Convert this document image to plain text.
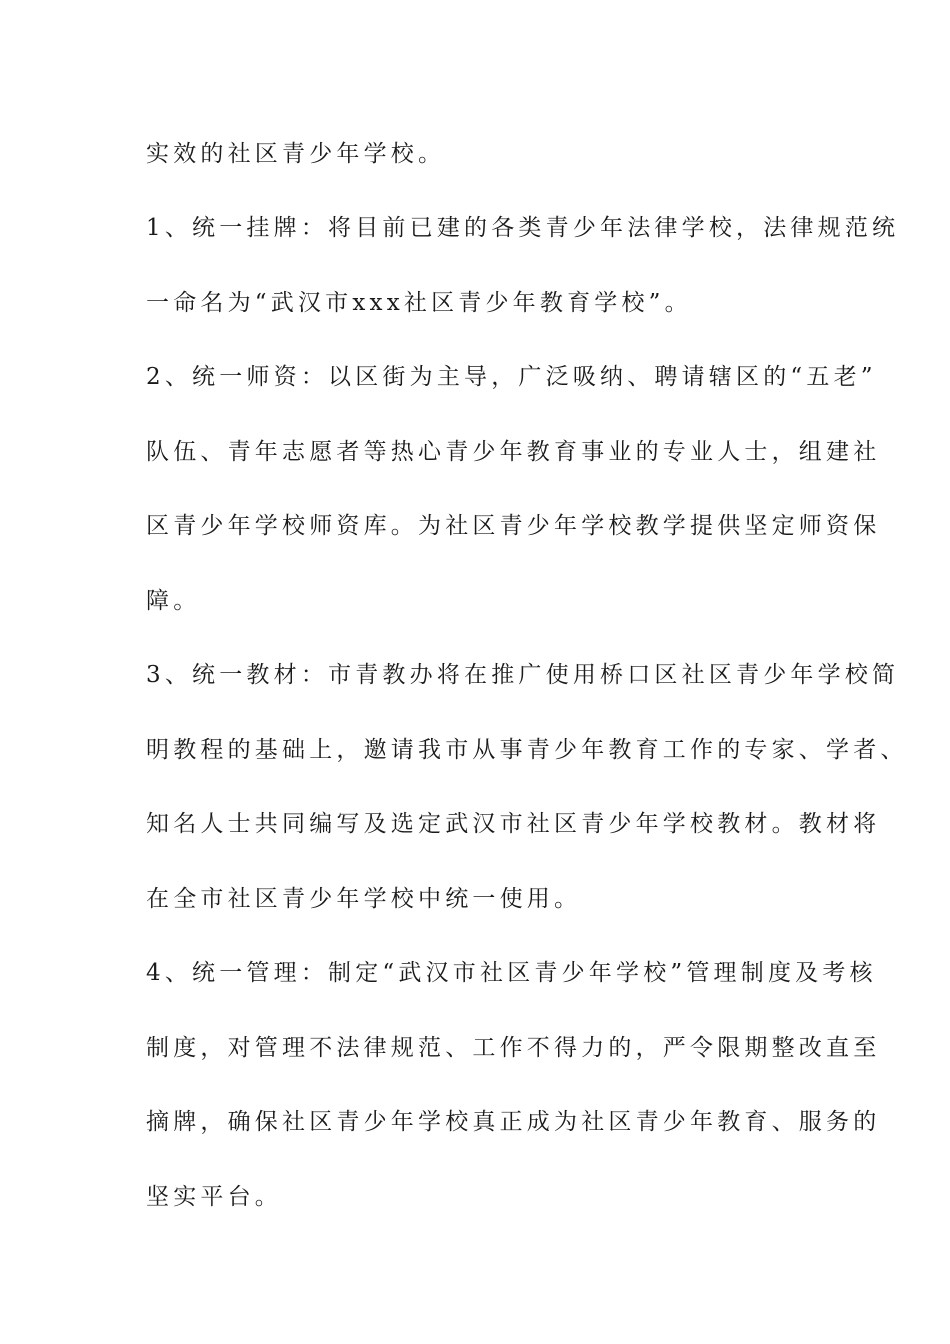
实效的社区青少年学校。
1、统一挂牌：将目前已建的各类青少年法律学校，法律规范统
一命名为“武汉市xxx社区青少年教育学校”。
2、统一师资：以区街为主导，广泛吸纳、聘请辖区的“五老”
队伍、青年志愿者等热心青少年教育事业的专业人士，组建社
区青少年学校师资库。为社区青少年学校教学提供坚定师资保
障。
3、统一教材：市青教办将在推广使用桥口区社区青少年学校简
明教程的基础上，邀请我市从事青少年教育工作的专家、学者、
知名人士共同编写及选定武汉市社区青少年学校教材。教材将
在全市社区青少年学校中统一使用。
4、统一管理：制定“武汉市社区青少年学校”管理制度及考核
制度，对管理不法律规范、工作不得力的，严令限期整改直至
摘牌，确保社区青少年学校真正成为社区青少年教育、服务的
坚实平台。
